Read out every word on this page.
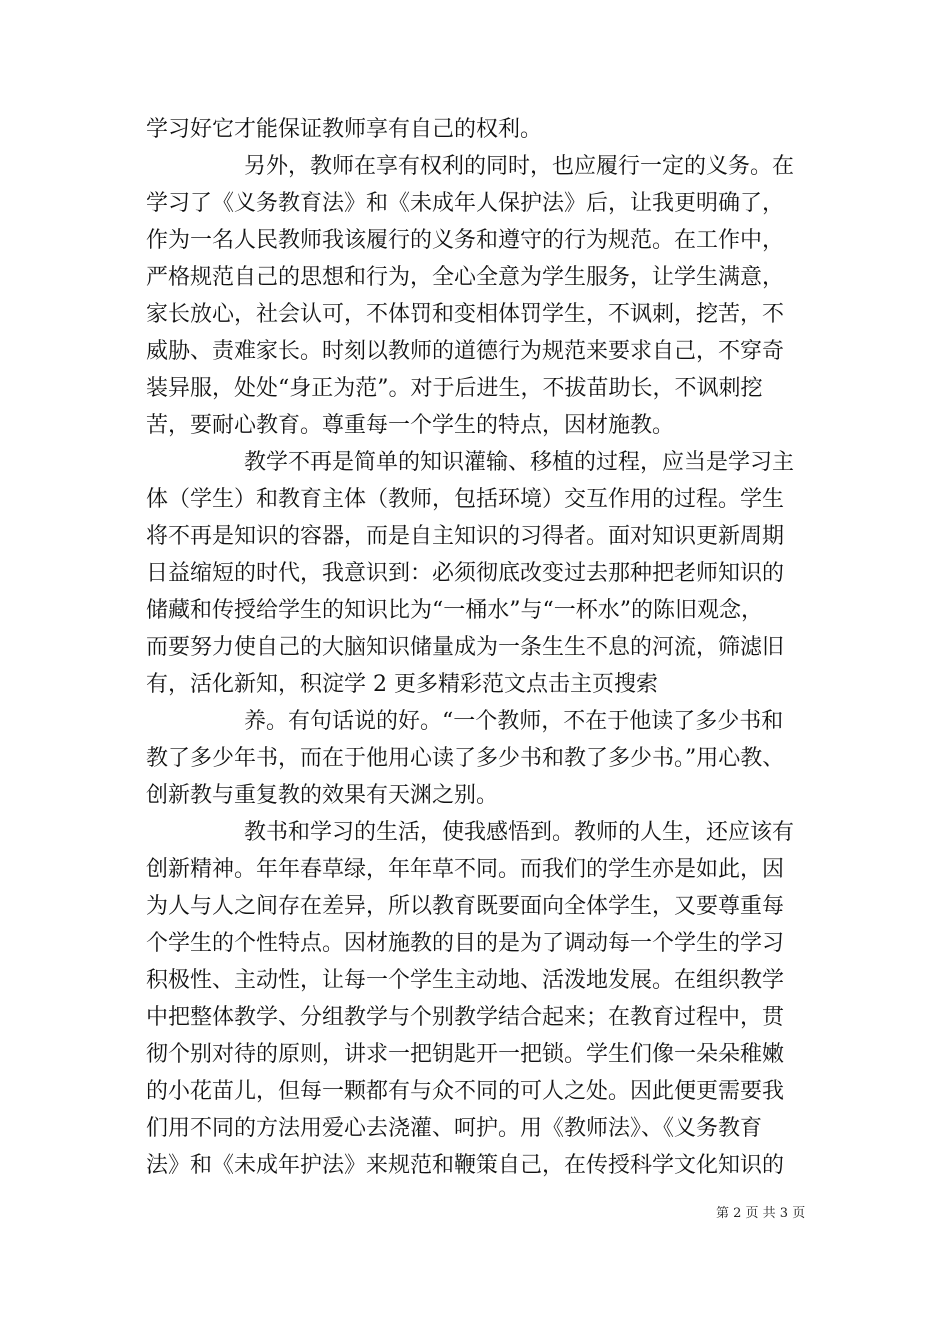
学习好它才能保证教师享有自己的权利。
另外，教师在享有权利的同时，也应履行一定的义务。在
学习了《义务教育法》和《未成年人保护法》后，让我更明确了，
作为一名人民教师我该履行的义务和遵守的行为规范。在工作中，
严格规范自己的思想和行为，全心全意为学生服务，让学生满意，
家长放心，社会认可，不体罚和变相体罚学生，不讽刺，挖苦，不
威胁、责难家长。时刻以教师的道德行为规范来要求自己，不穿奇
装异服，处处“身正为范”。对于后进生，不拔苗助长，不讽刺挖
苦，要耐心教育。尊重每一个学生的特点，因材施教。
教学不再是简单的知识灌输、移植的过程，应当是学习主
体（学生）和教育主体（教师，包括环境）交互作用的过程。学生
将不再是知识的容器，而是自主知识的习得者。面对知识更新周期
日益缩短的时代，我意识到：必须彻底改变过去那种把老师知识的
储藏和传授给学生的知识比为“一桶水”与“一杯水”的陈旧观念，
而要努力使自己的大脑知识储量成为一条生生不息的河流，筛滤旧
有，活化新知，积淀学 2 更多精彩范文点击主页搜索
养。有句话说的好。“一个教师，不在于他读了多少书和
教了多少年书，而在于他用心读了多少书和教了多少书。”用心教、
创新教与重复教的效果有天渊之别。
教书和学习的生活，使我感悟到。教师的人生，还应该有
创新精神。年年春草绿，年年草不同。而我们的学生亦是如此，因
为人与人之间存在差异，所以教育既要面向全体学生，又要尊重每
个学生的个性特点。因材施教的目的是为了调动每一个学生的学习
积极性、主动性，让每一个学生主动地、活泼地发展。在组织教学
中把整体教学、分组教学与个别教学结合起来；在教育过程中，贯
彻个别对待的原则，讲求一把钥匙开一把锁。学生们像一朵朵稚嫩
的小花苗儿，但每一颗都有与众不同的可人之处。因此便更需要我
们用不同的方法用爱心去浇灌、呵护。用《教师法》、《义务教育
法》和《未成年护法》来规范和鞭策自己，在传授科学文化知识的
第 2 页 共 3 页
